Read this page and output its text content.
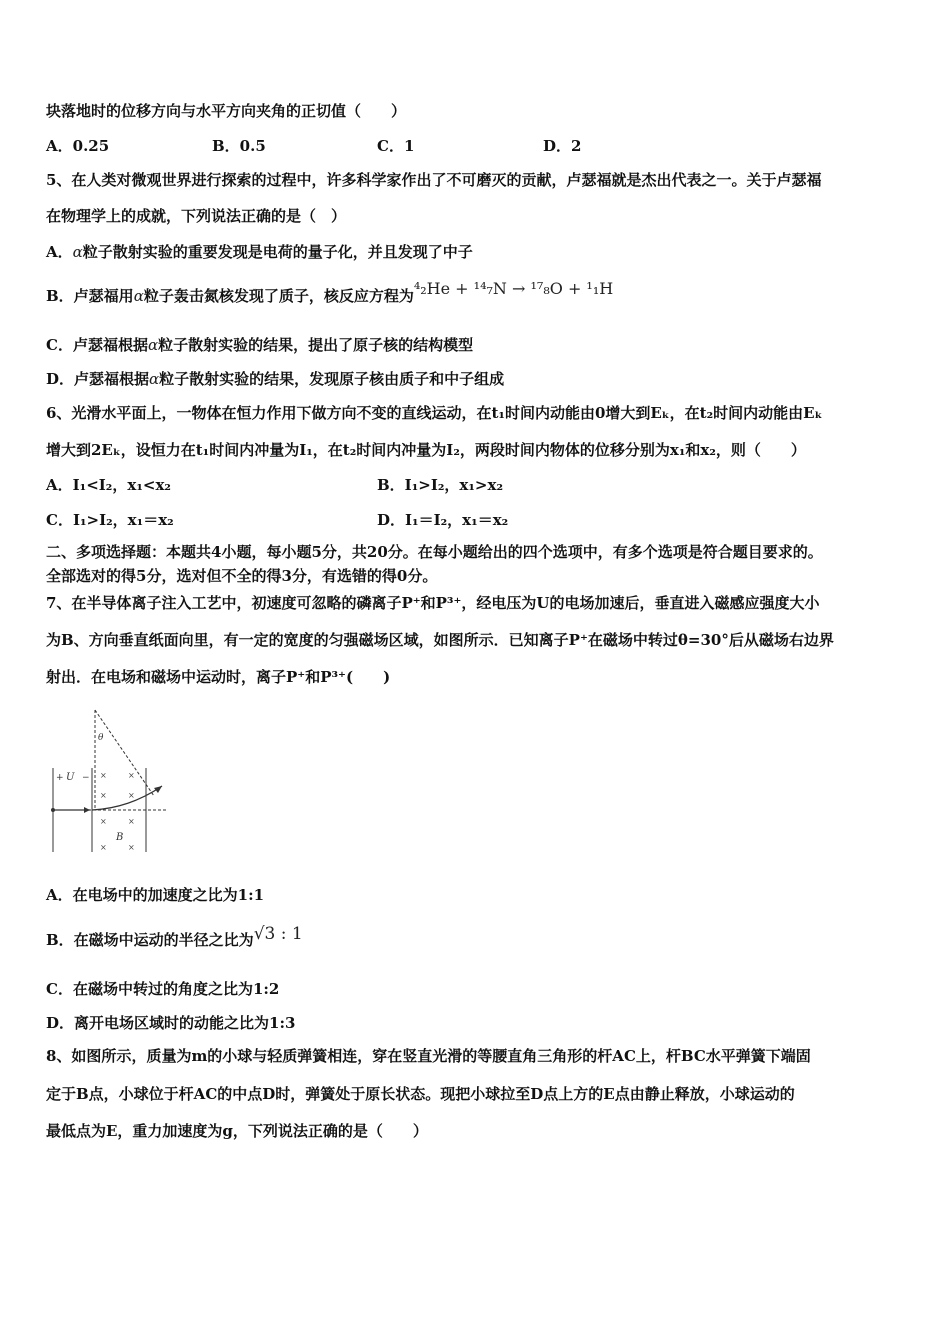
块落地时的位移方向与水平方向夹角的正切值（　　）
A．0.25	B．0.5	C．1	D．2
5、在人类对微观世界进行探索的过程中，许多科学家作出了不可磨灭的贡献，卢瑟福就是杰出代表之一。关于卢瑟福
在物理学上的成就，下列说法正确的是（　）
A．α粒子散射实验的重要发现是电荷的量子化，并且发现了中子
B．卢瑟福用α粒子轰击氮核发现了质子，核反应方程为⁴₂He + ¹⁴₇N → ¹⁷₈O + ¹₁H
C．卢瑟福根据α粒子散射实验的结果，提出了原子核的结构模型
D．卢瑟福根据α粒子散射实验的结果，发现原子核由质子和中子组成
6、光滑水平面上，一物体在恒力作用下做方向不变的直线运动，在t₁时间内动能由0增大到Eₖ，在t₂时间内动能由Eₖ
增大到2Eₖ，设恒力在t₁时间内冲量为I₁，在t₂时间内冲量为I₂，两段时间内物体的位移分别为x₁和x₂，则（　　）
A．I₁<I₂，x₁<x₂	B．I₁>I₂，x₁>x₂
C．I₁>I₂，x₁＝x₂	D．I₁＝I₂，x₁＝x₂
二、多项选择题：本题共4小题，每小题5分，共20分。在每小题给出的四个选项中，有多个选项是符合题目要求的。
全部选对的得5分，选对但不全的得3分，有选错的得0分。
7、在半导体离子注入工艺中，初速度可忽略的磷离子P⁺和P³⁺，经电压为U的电场加速后，垂直进入磁感应强度大小
为B、方向垂直纸面向里，有一定的宽度的匀强磁场区域，如图所示．已知离子P⁺在磁场中转过θ=30°后从磁场右边界
射出．在电场和磁场中运动时，离子P⁺和P³⁺(　　)
+ U −
θ
B
×	×
×	×
×	×
×	×
A．在电场中的加速度之比为1:1
B．在磁场中运动的半径之比为√3 : 1
C．在磁场中转过的角度之比为1:2
D．离开电场区域时的动能之比为1:3
8、如图所示，质量为m的小球与轻质弹簧相连，穿在竖直光滑的等腰直角三角形的杆AC上，杆BC水平弹簧下端固
定于B点，小球位于杆AC的中点D时，弹簧处于原长状态。现把小球拉至D点上方的E点由静止释放，小球运动的
最低点为E，重力加速度为g，下列说法正确的是（　　）
